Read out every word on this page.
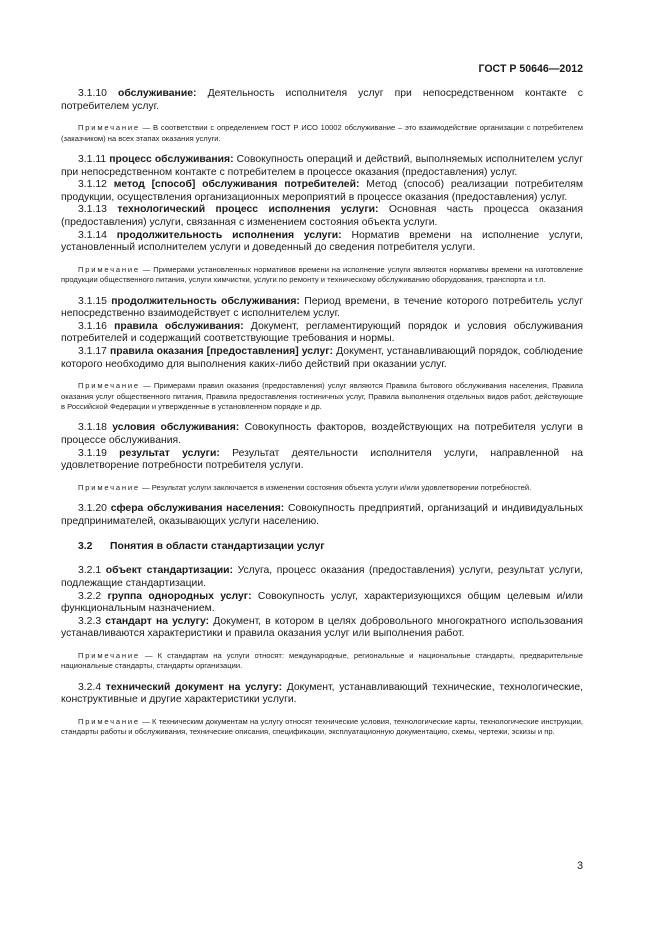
ГОСТ Р 50646—2012

3.1.10 обслуживание: Деятельность исполнителя услуг при непосредственном контакте с потребителем услуг.

Примечание — В соответствии с определением ГОСТ Р ИСО 10002 обслуживание – это взаимодействие организации с потребителем (заказчиком) на всех этапах оказания услуги.

3.1.11 процесс обслуживания: Совокупность операций и действий, выполняемых исполнителем услуг при непосредственном контакте с потребителем в процессе оказания (предоставления) услуг.

3.1.12 метод [способ] обслуживания потребителей: Метод (способ) реализации потребителям продукции, осуществления организационных мероприятий в процессе оказания (предоставления) услуг.

3.1.13 технологический процесс исполнения услуги: Основная часть процесса оказания (предоставления) услуги, связанная с изменением состояния объекта услуги.

3.1.14 продолжительность исполнения услуги: Норматив времени на исполнение услуги, установленный исполнителем услуги и доведенный до сведения потребителя услуги.

Примечание — Примерами установленных нормативов времени на исполнение услуги являются нормативы времени на изготовление продукции общественного питания, услуги химчистки, услуги по ремонту и техническому обслуживанию оборудования, транспорта и т.п.

3.1.15 продолжительность обслуживания: Период времени, в течение которого потребитель услуг непосредственно взаимодействует с исполнителем услуг.

3.1.16 правила обслуживания: Документ, регламентирующий порядок и условия обслуживания потребителей и содержащий соответствующие требования и нормы.

3.1.17 правила оказания [предоставления] услуг: Документ, устанавливающий порядок, соблюдение которого необходимо для выполнения каких-либо действий при оказании услуг.

Примечание — Примерами правил оказания (предоставления) услуг являются Правила бытового обслуживания населения, Правила оказания услуг общественного питания, Правила предоставления гостиничных услуг, Правила выполнения отдельных видов работ, действующие в Российской Федерации и утвержденные в установленном порядке и др.

3.1.18 условия обслуживания: Совокупность факторов, воздействующих на потребителя услуги в процессе обслуживания.

3.1.19 результат услуги: Результат деятельности исполнителя услуги, направленной на удовлетворение потребности потребителя услуги.

Примечание — Результат услуги заключается в изменении состояния объекта услуги и/или удовлетворении потребностей.

3.1.20 сфера обслуживания населения: Совокупность предприятий, организаций и индивидуальных предпринимателей, оказывающих услуги населению.

3.2 Понятия в области стандартизации услуг

3.2.1 объект стандартизации: Услуга, процесс оказания (предоставления) услуги, результат услуги, подлежащие стандартизации.

3.2.2 группа однородных услуг: Совокупность услуг, характеризующихся общим целевым и/или функциональным назначением.

3.2.3 стандарт на услугу: Документ, в котором в целях добровольного многократного использования устанавливаются характеристики и правила оказания услуг или выполнения работ.

Примечание — К стандартам на услуги относят: международные, региональные и национальные стандарты, предварительные национальные стандарты, стандарты организации.

3.2.4 технический документ на услугу: Документ, устанавливающий технические, технологические, конструктивные и другие характеристики услуги.

Примечание — К техническим документам на услугу относят технические условия, технологические карты, технологические инструкции, стандарты работы и обслуживания, технические описания, спецификации, эксплуатационную документацию, схемы, чертежи, эскизы и пр.

3
